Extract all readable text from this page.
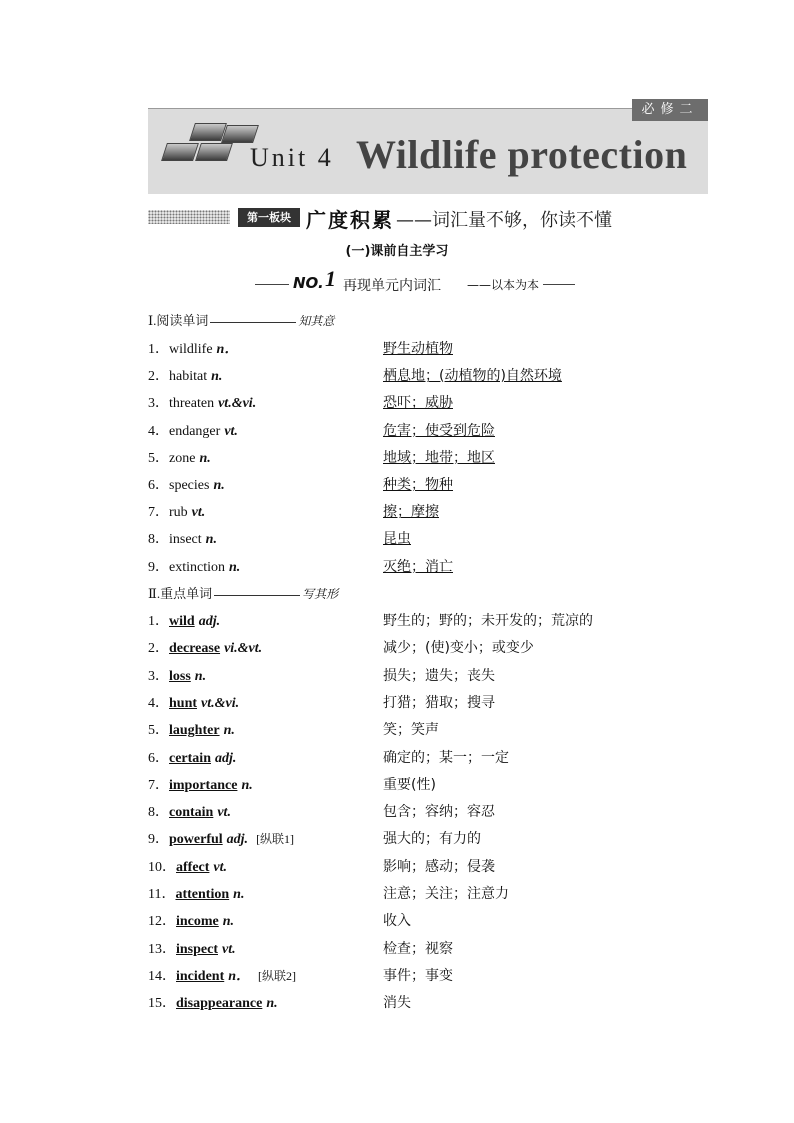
必修二
Unit 4 Wildlife protection
第一板块 广度积累 ——词汇量不够，你读不懂
(一)课前自主学习
NO. 1 再现单元内词汇 ——以本为本
Ⅰ.阅读单词	知其意
1．wildlife n．	野生动植物
2．habitat n.	栖息地；(动植物的)自然环境
3．threaten vt.&vi.	恐吓；威胁
4．endanger vt.	危害；使受到危险
5．zone n.	地域；地带；地区
6．species n.	种类；物种
7．rub vt.	擦；摩擦
8．insect n.	昆虫
9．extinction n.	灭绝；消亡
Ⅱ.重点单词	写其形
1．wild adj.	野生的；野的；未开发的；荒凉的
2．decrease vi.&vt.	减少；(使)变小；或变少
3．loss n.	损失；遗失；丧失
4．hunt vt.&vi.	打猎；猎取；搜寻
5．laughter n.	笑；笑声
6．certain adj.	确定的；某一；一定
7．importance n.	重要(性)
8．contain vt.	包含；容纳；容忍
9．powerful adj. [纵联1]	强大的；有力的
10．affect vt.	影响；感动；侵袭
11．attention n.	注意；关注；注意力
12．income n.	收入
13．inspect vt.	检查；视察
14．incident n． [纵联2]	事件；事变
15．disappearance n.	消失
